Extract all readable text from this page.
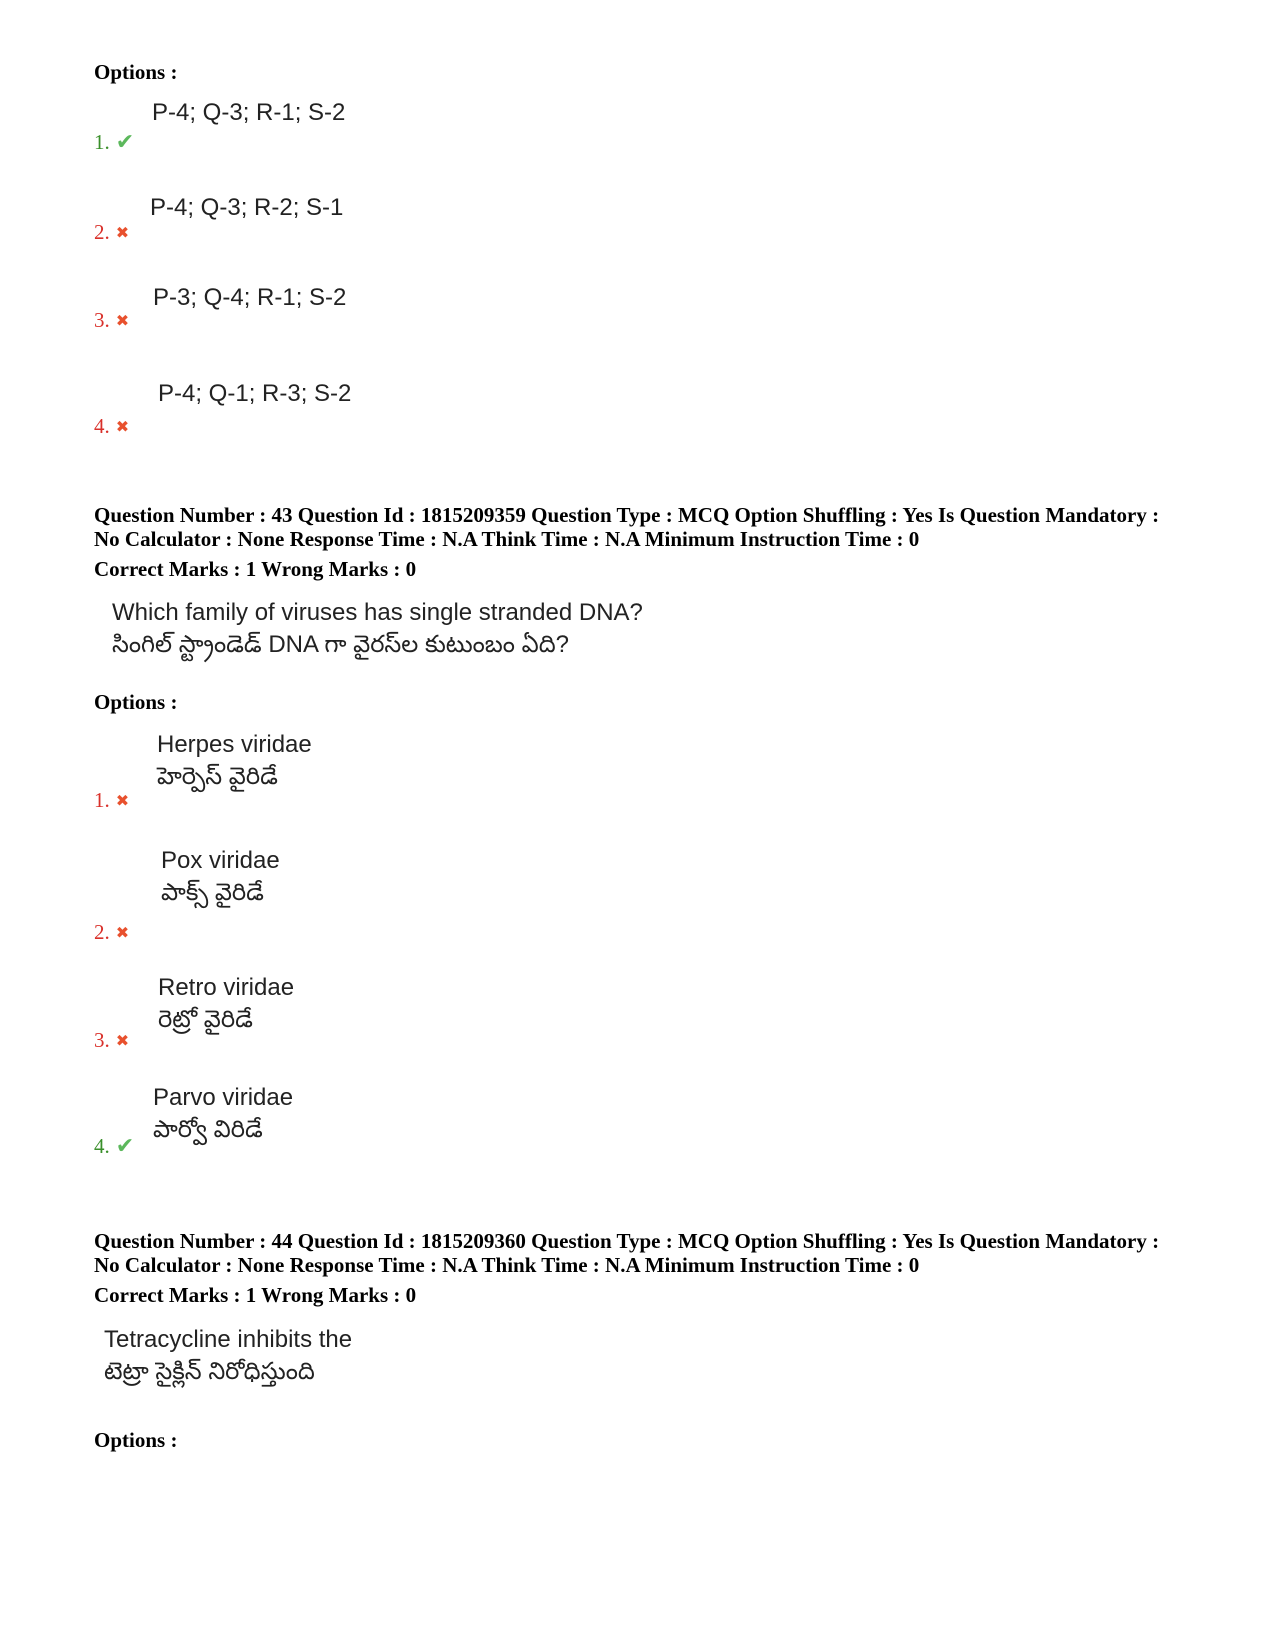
Options :
P-4; Q-3; R-1; S-2
1. ✔
P-4; Q-3; R-2; S-1
2. ✖
P-3; Q-4; R-1; S-2
3. ✖
P-4; Q-1; R-3; S-2
4. ✖
Question Number : 43 Question Id : 1815209359 Question Type : MCQ Option Shuffling : Yes Is Question Mandatory :
No Calculator : None Response Time : N.A Think Time : N.A Minimum Instruction Time : 0
Correct Marks : 1 Wrong Marks : 0
Which family of viruses has single stranded DNA?
సింగిల్ స్ట్రాండెడ్ DNA గా వైరస్‌ల కుటుంబం ఏది?
Options :
Herpes viridae
హెర్పెస్ వైరిడే
1. ✖
Pox viridae
పాక్స్ వైరిడే
2. ✖
Retro viridae
రెట్రో వైరిడే
3. ✖
Parvo viridae
పార్వో విరిడే
4. ✔
Question Number : 44 Question Id : 1815209360 Question Type : MCQ Option Shuffling : Yes Is Question Mandatory :
No Calculator : None Response Time : N.A Think Time : N.A Minimum Instruction Time : 0
Correct Marks : 1 Wrong Marks : 0
Tetracycline inhibits the
టెట్రా సైక్లిన్ నిరోధిస్తుంది
Options :
